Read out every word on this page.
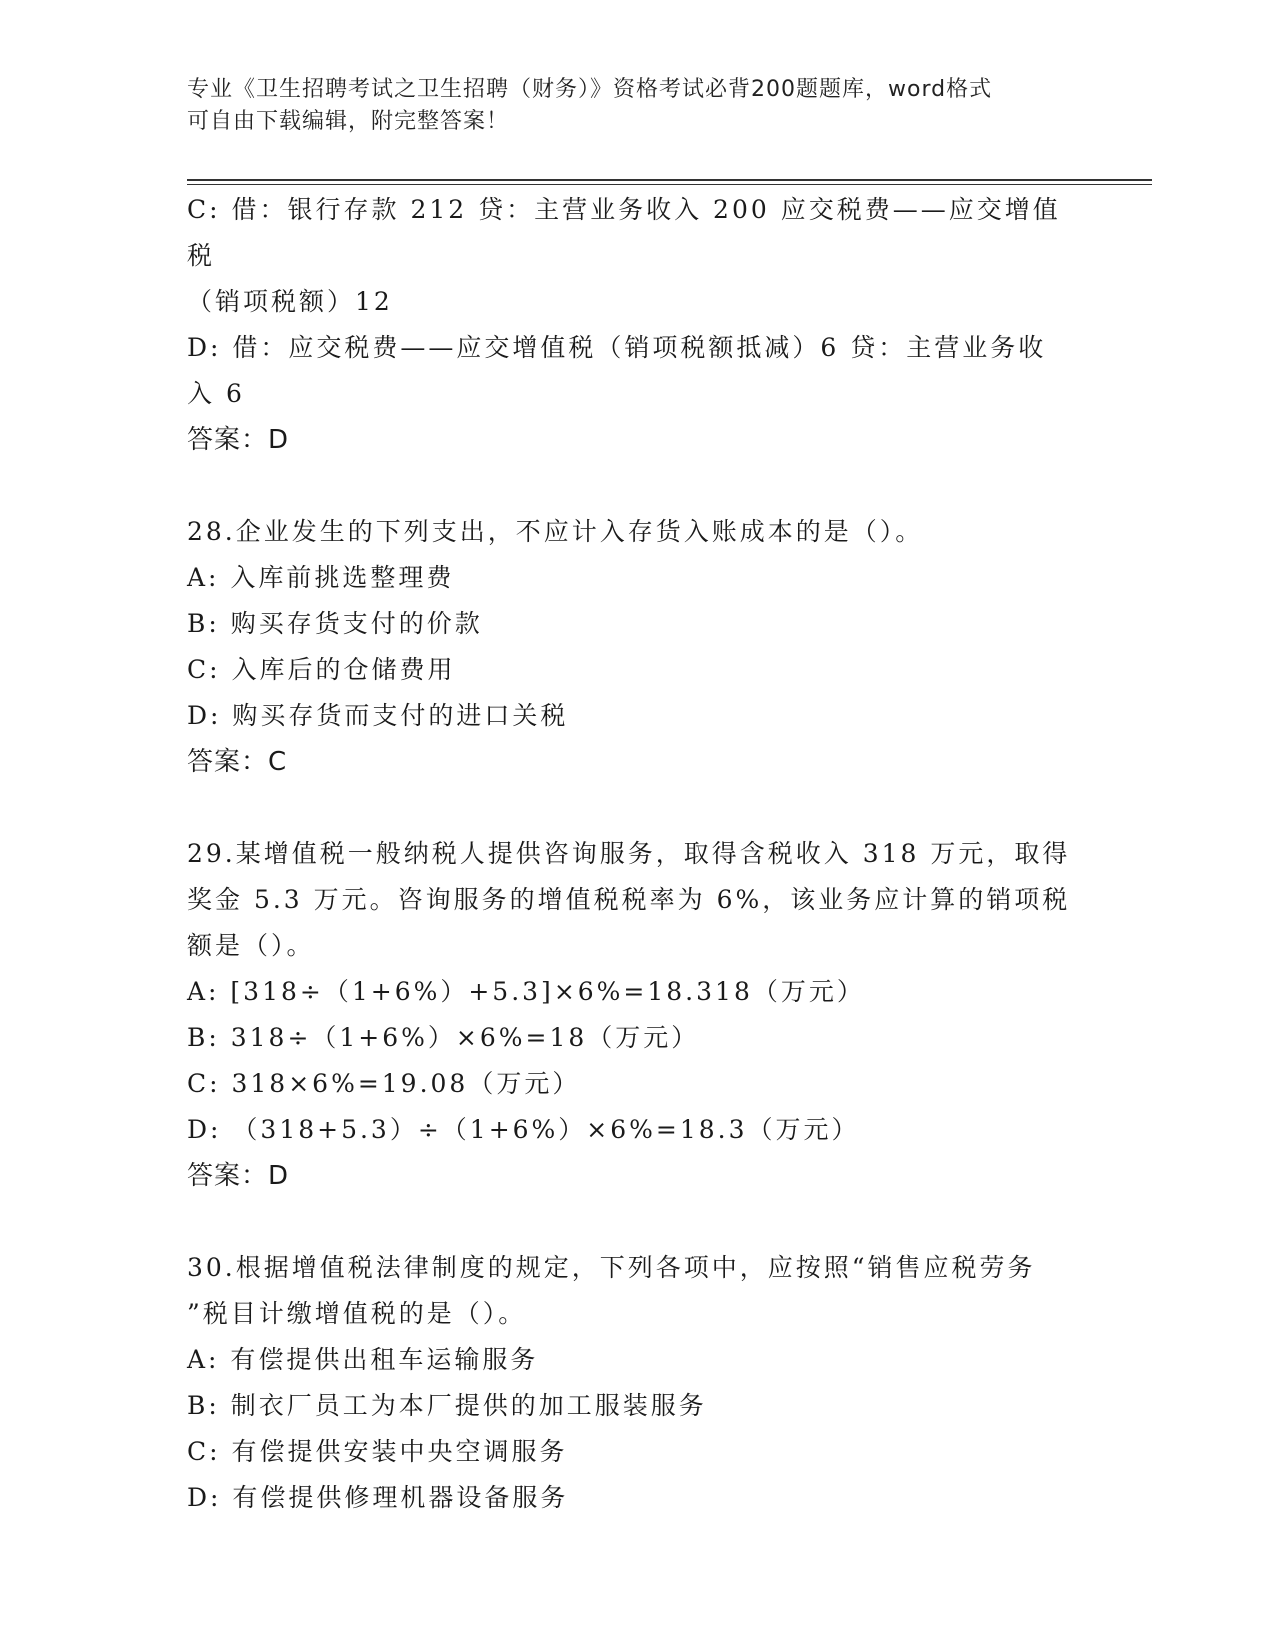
专业《卫生招聘考试之卫生招聘（财务）》资格考试必背200题题库，word格式
可自由下载编辑，附完整答案！

C: 借：银行存款 212 贷：主营业务收入 200 应交税费——应交增值税

（销项税额）12

D: 借：应交税费——应交增值税（销项税额抵减）6 贷：主营业务收

入 6

答案：D

28.企业发生的下列支出，不应计入存货入账成本的是（）。

A: 入库前挑选整理费

B: 购买存货支付的价款

C: 入库后的仓储费用

D: 购买存货而支付的进口关税

答案：C

29.某增值税一般纳税人提供咨询服务，取得含税收入 318 万元，取得

奖金 5.3 万元。咨询服务的增值税税率为 6%，该业务应计算的销项税

额是（）。

A: [318÷（1+6%）+5.3]×6%=18.318（万元）

B: 318÷（1+6%）×6%=18（万元）

C: 318×6%=19.08（万元）

D: （318+5.3）÷（1+6%）×6%=18.3（万元）

答案：D

30.根据增值税法律制度的规定，下列各项中，应按照“销售应税劳务

”税目计缴增值税的是（）。

A: 有偿提供出租车运输服务

B: 制衣厂员工为本厂提供的加工服装服务

C: 有偿提供安装中央空调服务

D: 有偿提供修理机器设备服务
